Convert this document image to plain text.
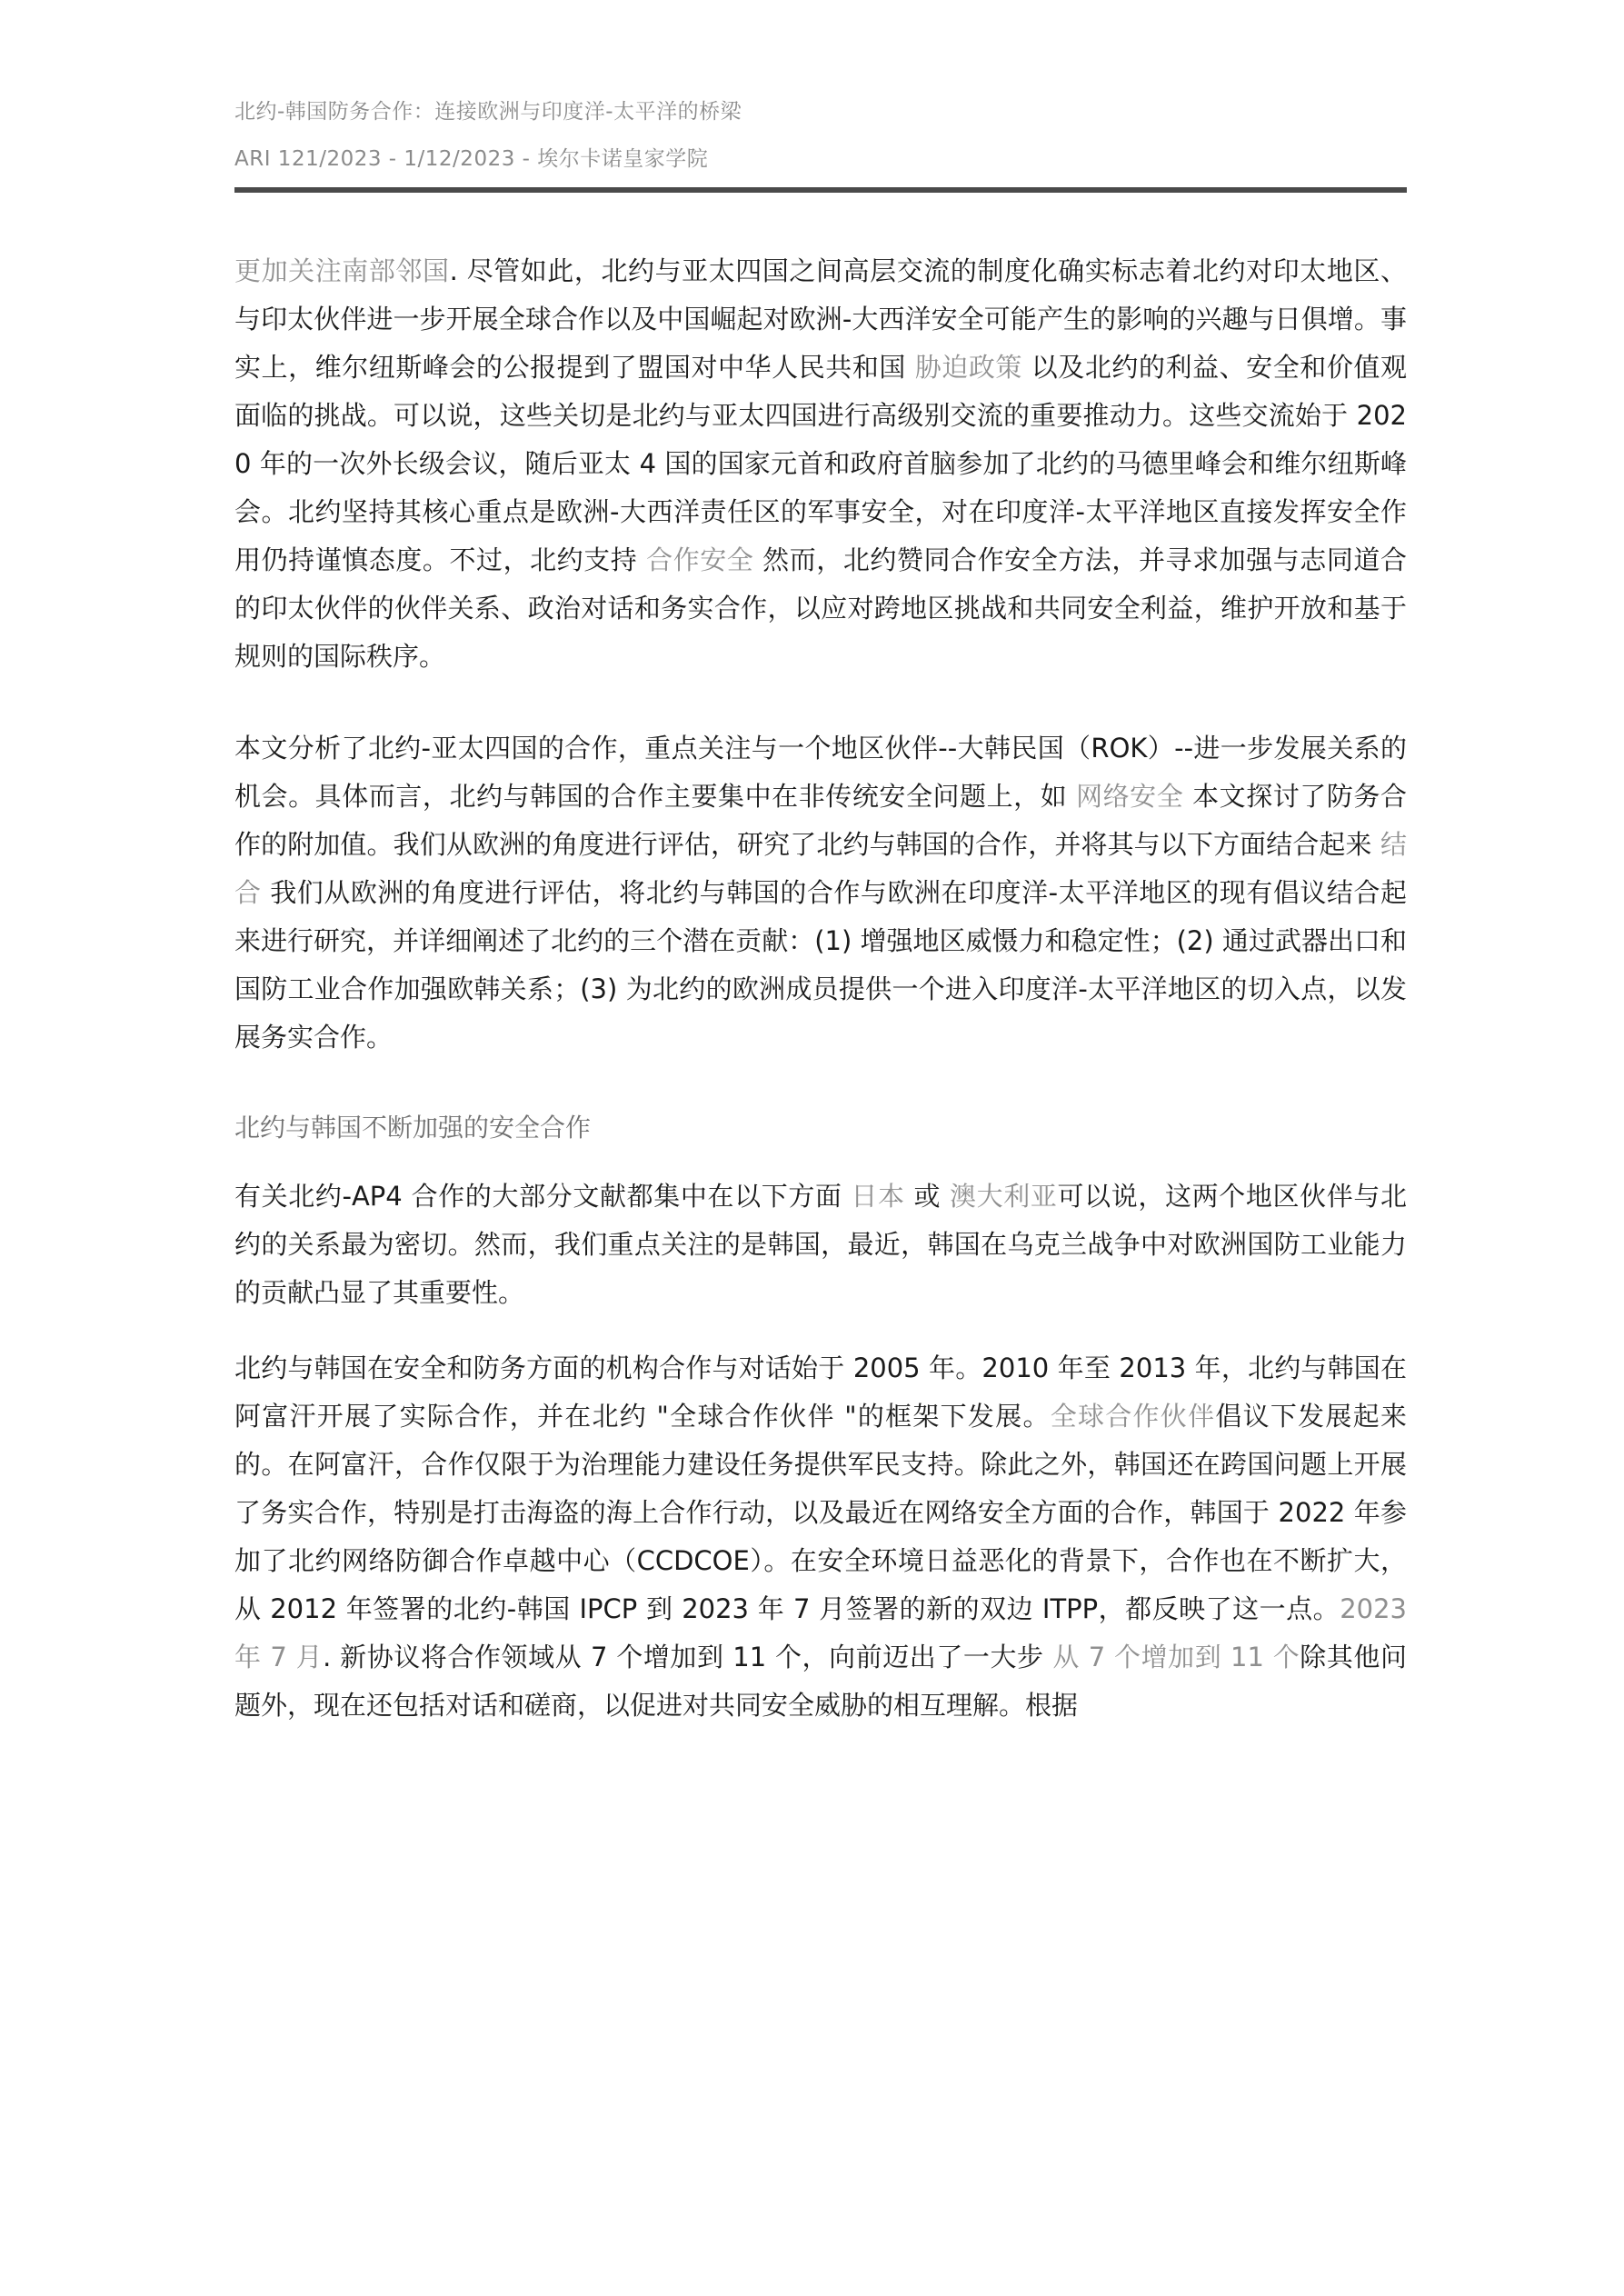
北约-韩国防务合作：连接欧洲与印度洋-太平洋的桥梁
ARI 121/2023 - 1/12/2023 - 埃尔卡诺皇家学院

更加关注南部邻国. 尽管如此，北约与亚太四国之间高层交流的制度化确实标志着北约对印太地区、与印太伙伴进一步开展全球合作以及中国崛起对欧洲-大西洋安全可能产生的影响的兴趣与日俱增。事实上，维尔纽斯峰会的公报提到了盟国对中华人民共和国 胁迫政策 以及北约的利益、安全和价值观面临的挑战。可以说，这些关切是北约与亚太四国进行高级别交流的重要推动力。这些交流始于 2020 年的一次外长级会议，随后亚太 4 国的国家元首和政府首脑参加了北约的马德里峰会和维尔纽斯峰会。北约坚持其核心重点是欧洲-大西洋责任区的军事安全，对在印度洋-太平洋地区直接发挥安全作用仍持谨慎态度。不过，北约支持 合作安全 然而，北约赞同合作安全方法，并寻求加强与志同道合的印太伙伴的伙伴关系、政治对话和务实合作，以应对跨地区挑战和共同安全利益，维护开放和基于规则的国际秩序。

本文分析了北约-亚太四国的合作，重点关注与一个地区伙伴--大韩民国（ROK）--进一步发展关系的机会。具体而言，北约与韩国的合作主要集中在非传统安全问题上，如 网络安全 本文探讨了防务合作的附加值。我们从欧洲的角度进行评估，研究了北约与韩国的合作，并将其与以下方面结合起来 结合 我们从欧洲的角度进行评估，将北约与韩国的合作与欧洲在印度洋-太平洋地区的现有倡议结合起来进行研究，并详细阐述了北约的三个潜在贡献：(1) 增强地区威慑力和稳定性；(2) 通过武器出口和国防工业合作加强欧韩关系；(3) 为北约的欧洲成员提供一个进入印度洋-太平洋地区的切入点，以发展务实合作。

北约与韩国不断加强的安全合作

有关北约-AP4 合作的大部分文献都集中在以下方面 日本 或 澳大利亚可以说，这两个地区伙伴与北约的关系最为密切。然而，我们重点关注的是韩国，最近，韩国在乌克兰战争中对欧洲国防工业能力的贡献凸显了其重要性。

北约与韩国在安全和防务方面的机构合作与对话始于 2005 年。2010 年至 2013 年，北约与韩国在阿富汗开展了实际合作，并在北约 "全球合作伙伴 "的框架下发展。全球合作伙伴倡议下发展起来的。在阿富汗，合作仅限于为治理能力建设任务提供军民支持。除此之外，韩国还在跨国问题上开展了务实合作，特别是打击海盗的海上合作行动，以及最近在网络安全方面的合作，韩国于 2022 年参加了北约网络防御合作卓越中心（CCDCOE）。在安全环境日益恶化的背景下，合作也在不断扩大，从 2012 年签署的北约-韩国 IPCP 到 2023 年 7 月签署的新的双边 ITPP，都反映了这一点。2023 年 7 月. 新协议将合作领域从 7 个增加到 11 个，向前迈出了一大步 从 7 个增加到 11 个除其他问题外，现在还包括对话和磋商，以促进对共同安全威胁的相互理解。根据
